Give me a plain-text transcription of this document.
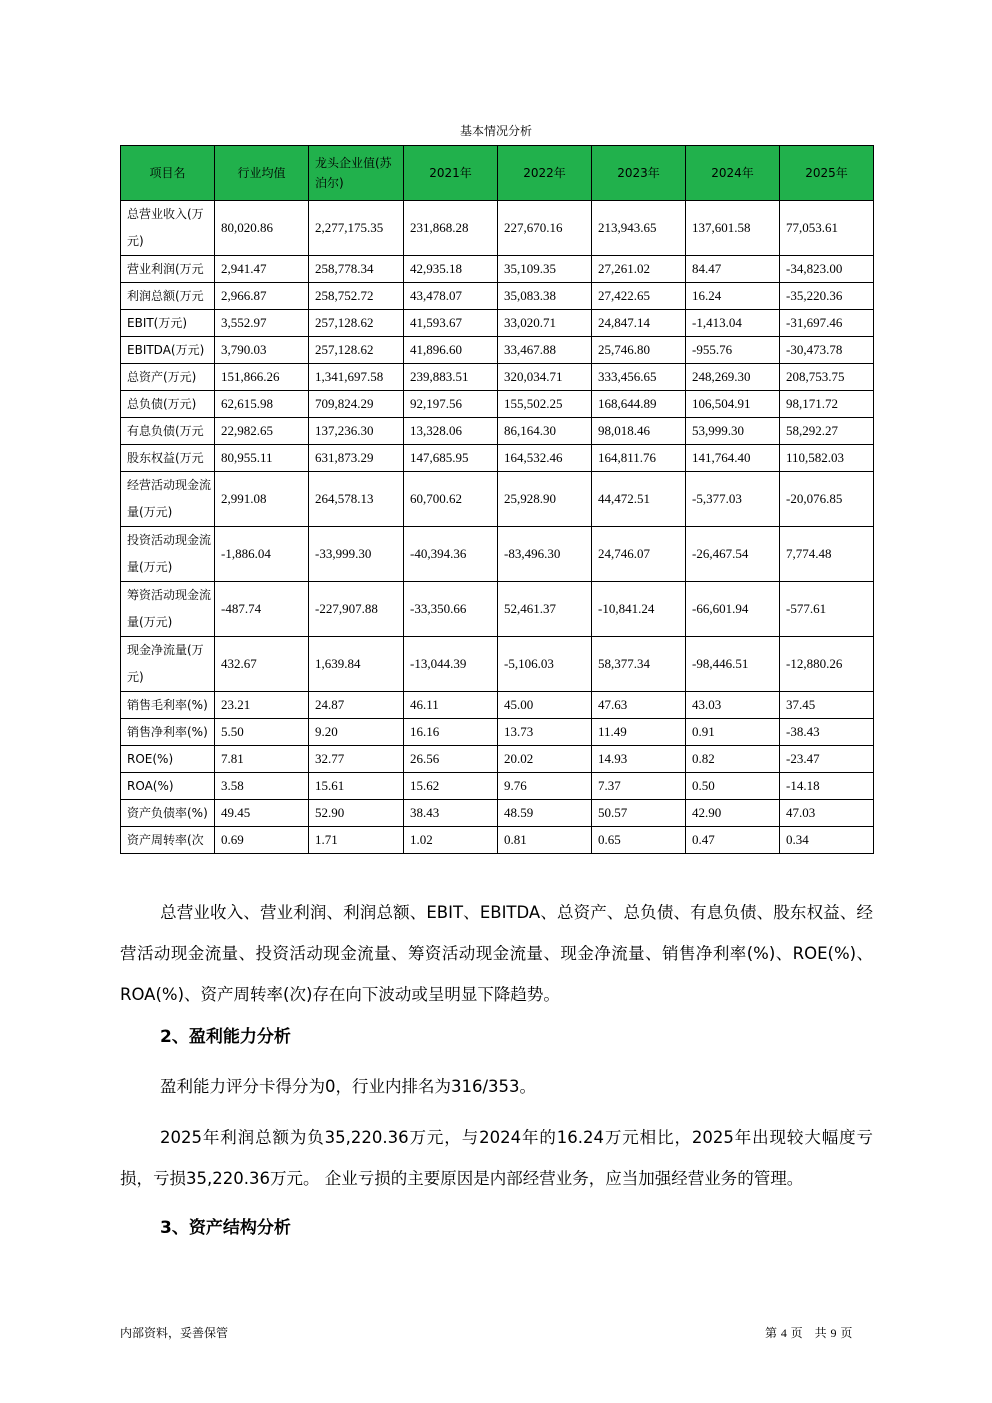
基本情况分析
项目名	行业均值	龙头企业值(苏泊尔)	2021年	2022年	2023年	2024年	2025年
总营业收入(万元)	80,020.86	2,277,175.35	231,868.28	227,670.16	213,943.65	137,601.58	77,053.61
营业利润(万元	2,941.47	258,778.34	42,935.18	35,109.35	27,261.02	84.47	-34,823.00
利润总额(万元	2,966.87	258,752.72	43,478.07	35,083.38	27,422.65	16.24	-35,220.36
EBIT(万元)	3,552.97	257,128.62	41,593.67	33,020.71	24,847.14	-1,413.04	-31,697.46
EBITDA(万元)	3,790.03	257,128.62	41,896.60	33,467.88	25,746.80	-955.76	-30,473.78
总资产(万元)	151,866.26	1,341,697.58	239,883.51	320,034.71	333,456.65	248,269.30	208,753.75
总负债(万元)	62,615.98	709,824.29	92,197.56	155,502.25	168,644.89	106,504.91	98,171.72
有息负债(万元	22,982.65	137,236.30	13,328.06	86,164.30	98,018.46	53,999.30	58,292.27
股东权益(万元	80,955.11	631,873.29	147,685.95	164,532.46	164,811.76	141,764.40	110,582.03
经营活动现金流量(万元)	2,991.08	264,578.13	60,700.62	25,928.90	44,472.51	-5,377.03	-20,076.85
投资活动现金流量(万元)	-1,886.04	-33,999.30	-40,394.36	-83,496.30	24,746.07	-26,467.54	7,774.48
筹资活动现金流量(万元)	-487.74	-227,907.88	-33,350.66	52,461.37	-10,841.24	-66,601.94	-577.61
现金净流量(万元)	432.67	1,639.84	-13,044.39	-5,106.03	58,377.34	-98,446.51	-12,880.26
销售毛利率(%)	23.21	24.87	46.11	45.00	47.63	43.03	37.45
销售净利率(%)	5.50	9.20	16.16	13.73	11.49	0.91	-38.43
ROE(%)	7.81	32.77	26.56	20.02	14.93	0.82	-23.47
ROA(%)	3.58	15.61	15.62	9.76	7.37	0.50	-14.18
资产负债率(%)	49.45	52.90	38.43	48.59	50.57	42.90	47.03
资产周转率(次	0.69	1.71	1.02	0.81	0.65	0.47	0.34
总营业收入、营业利润、利润总额、EBIT、EBITDA、总资产、总负债、有息负债、股东权益、经营活动现金流量、投资活动现金流量、筹资活动现金流量、现金净流量、销售净利率(%)、ROE(%)、ROA(%)、资产周转率(次)存在向下波动或呈明显下降趋势。
2、盈利能力分析
盈利能力评分卡得分为0，行业内排名为316/353。
2025年利润总额为负35,220.36万元，与2024年的16.24万元相比，2025年出现较大幅度亏损，亏损35,220.36万元。 企业亏损的主要原因是内部经营业务，应当加强经营业务的管理。
3、资产结构分析
内部资料，妥善保管	第 4 页　共 9 页
